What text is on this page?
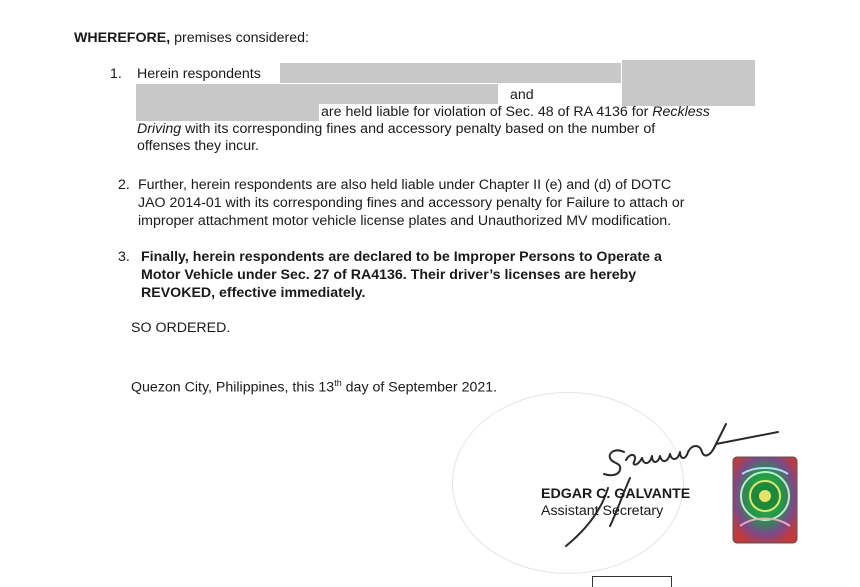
WHEREFORE, premises considered:
1. Herein respondents
and
are held liable for violation of Sec. 48 of RA 4136 for Reckless
Driving with its corresponding fines and accessory penalty based on the number of
offenses they incur.
2. Further, herein respondents are also held liable under Chapter II (e) and (d) of DOTC
JAO 2014-01 with its corresponding fines and accessory penalty for Failure to attach or
improper attachment motor vehicle license plates and Unauthorized MV modification.
3. Finally, herein respondents are declared to be Improper Persons to Operate a
Motor Vehicle under Sec. 27 of RA4136. Their driver’s licenses are hereby
REVOKED, effective immediately.
SO ORDERED.
Quezon City, Philippines, this 13th day of September 2021.
EDGAR C. GALVANTE
Assistant Secretary
